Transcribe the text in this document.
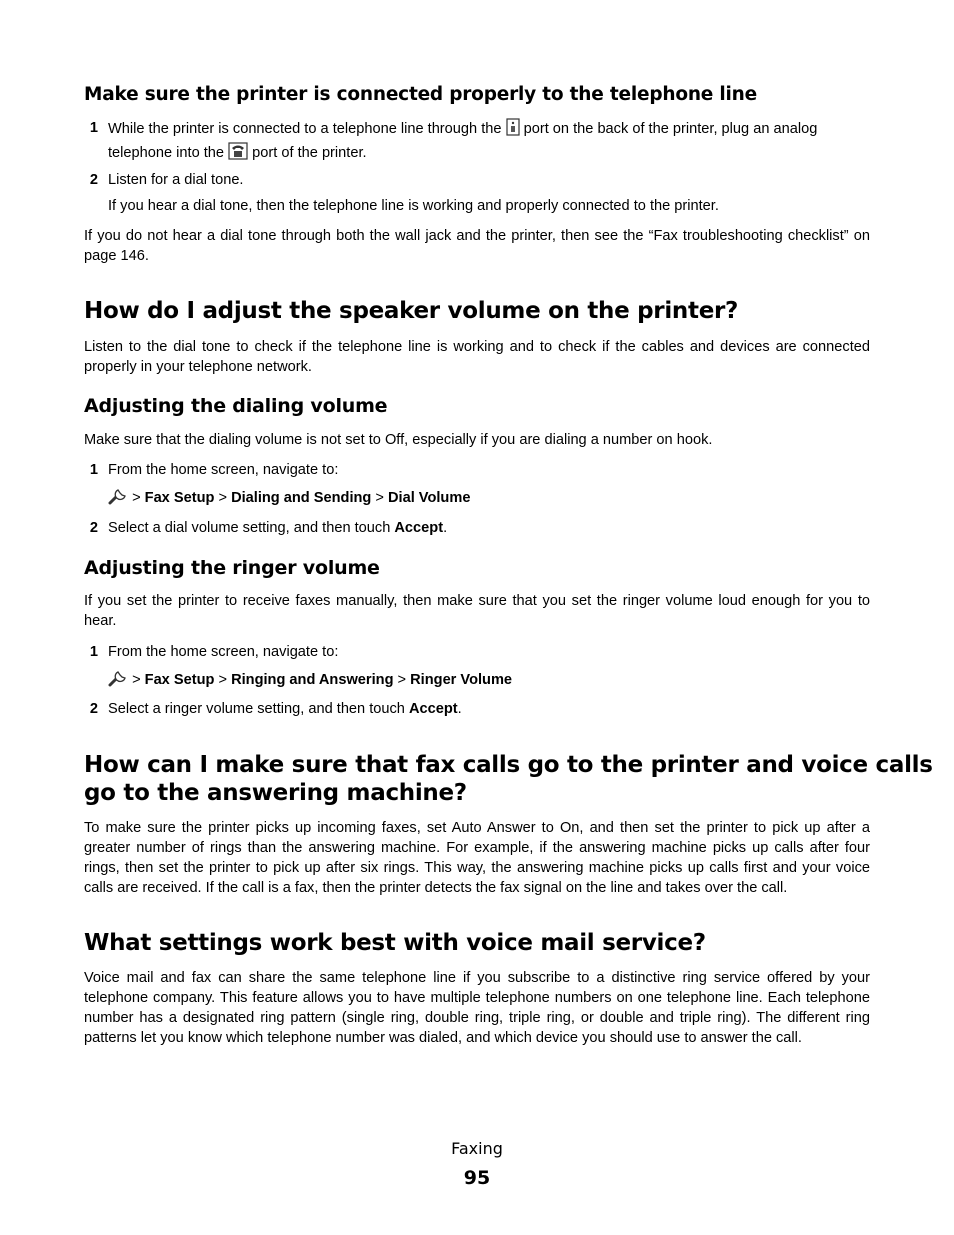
Make sure the printer is connected properly to the telephone line
1 While the printer is connected to a telephone line through the port on the back of the printer, plug an analog
telephone into the port of the printer.
2 Listen for a dial tone.
If you hear a dial tone, then the telephone line is working and properly connected to the printer.
If you do not hear a dial tone through both the wall jack and the printer, then see the “Fax troubleshooting checklist” on page 146.
How do I adjust the speaker volume on the printer?
Listen to the dial tone to check if the telephone line is working and to check if the cables and devices are connected properly in your telephone network.
Adjusting the dialing volume
Make sure that the dialing volume is not set to Off, especially if you are dialing a number on hook.
1 From the home screen, navigate to:
> Fax Setup > Dialing and Sending > Dial Volume
2 Select a dial volume setting, and then touch Accept.
Adjusting the ringer volume
If you set the printer to receive faxes manually, then make sure that you set the ringer volume loud enough for you to hear.
1 From the home screen, navigate to:
> Fax Setup > Ringing and Answering > Ringer Volume
2 Select a ringer volume setting, and then touch Accept.
How can I make sure that fax calls go to the printer and voice calls
go to the answering machine?
To make sure the printer picks up incoming faxes, set Auto Answer to On, and then set the printer to pick up after a greater number of rings than the answering machine. For example, if the answering machine picks up calls after four rings, then set the printer to pick up after six rings. This way, the answering machine picks up calls first and your voice calls are received. If the call is a fax, then the printer detects the fax signal on the line and takes over the call.
What settings work best with voice mail service?
Voice mail and fax can share the same telephone line if you subscribe to a distinctive ring service offered by your telephone company. This feature allows you to have multiple telephone numbers on one telephone line. Each telephone number has a designated ring pattern (single ring, double ring, triple ring, or double and triple ring). The different ring patterns let you know which telephone number was dialed, and which device you should use to answer the call.
Faxing
95
